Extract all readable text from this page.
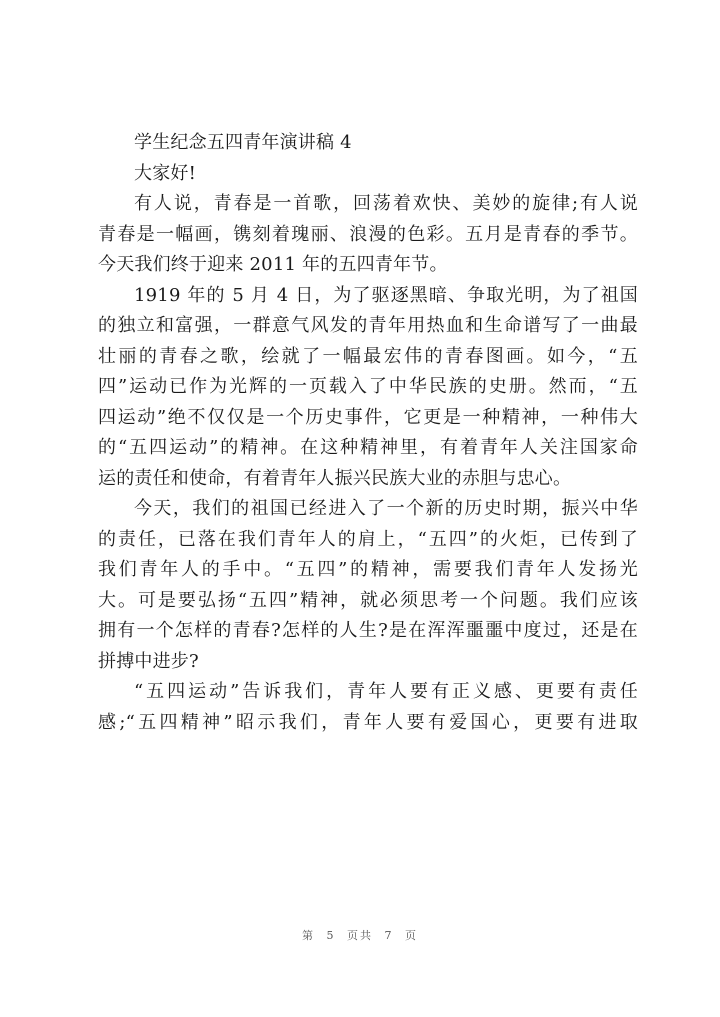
学生纪念五四青年演讲稿 4
大家好!
有人说，青春是一首歌，回荡着欢快、美妙的旋律;有人说
青春是一幅画，镌刻着瑰丽、浪漫的色彩。五月是青春的季节。
今天我们终于迎来 2011 年的五四青年节。
1919 年的 5 月 4 日，为了驱逐黑暗、争取光明，为了祖国
的独立和富强，一群意气风发的青年用热血和生命谱写了一曲最
壮丽的青春之歌，绘就了一幅最宏伟的青春图画。如今，“五
四”运动已作为光辉的一页载入了中华民族的史册。然而，“五
四运动”绝不仅仅是一个历史事件，它更是一种精神，一种伟大
的“五四运动”的精神。在这种精神里，有着青年人关注国家命
运的责任和使命，有着青年人振兴民族大业的赤胆与忠心。
今天，我们的祖国已经进入了一个新的历史时期，振兴中华
的责任，已落在我们青年人的肩上，“五四”的火炬，已传到了
我们青年人的手中。“五四”的精神，需要我们青年人发扬光
大。可是要弘扬“五四”精神，就必须思考一个问题。我们应该
拥有一个怎样的青春?怎样的人生?是在浑浑噩噩中度过，还是在
拼搏中进步?
“五四运动”告诉我们，青年人要有正义感、更要有责任
感;“五四精神”昭示我们，青年人要有爱国心，更要有进取
第 5 页共 7 页
